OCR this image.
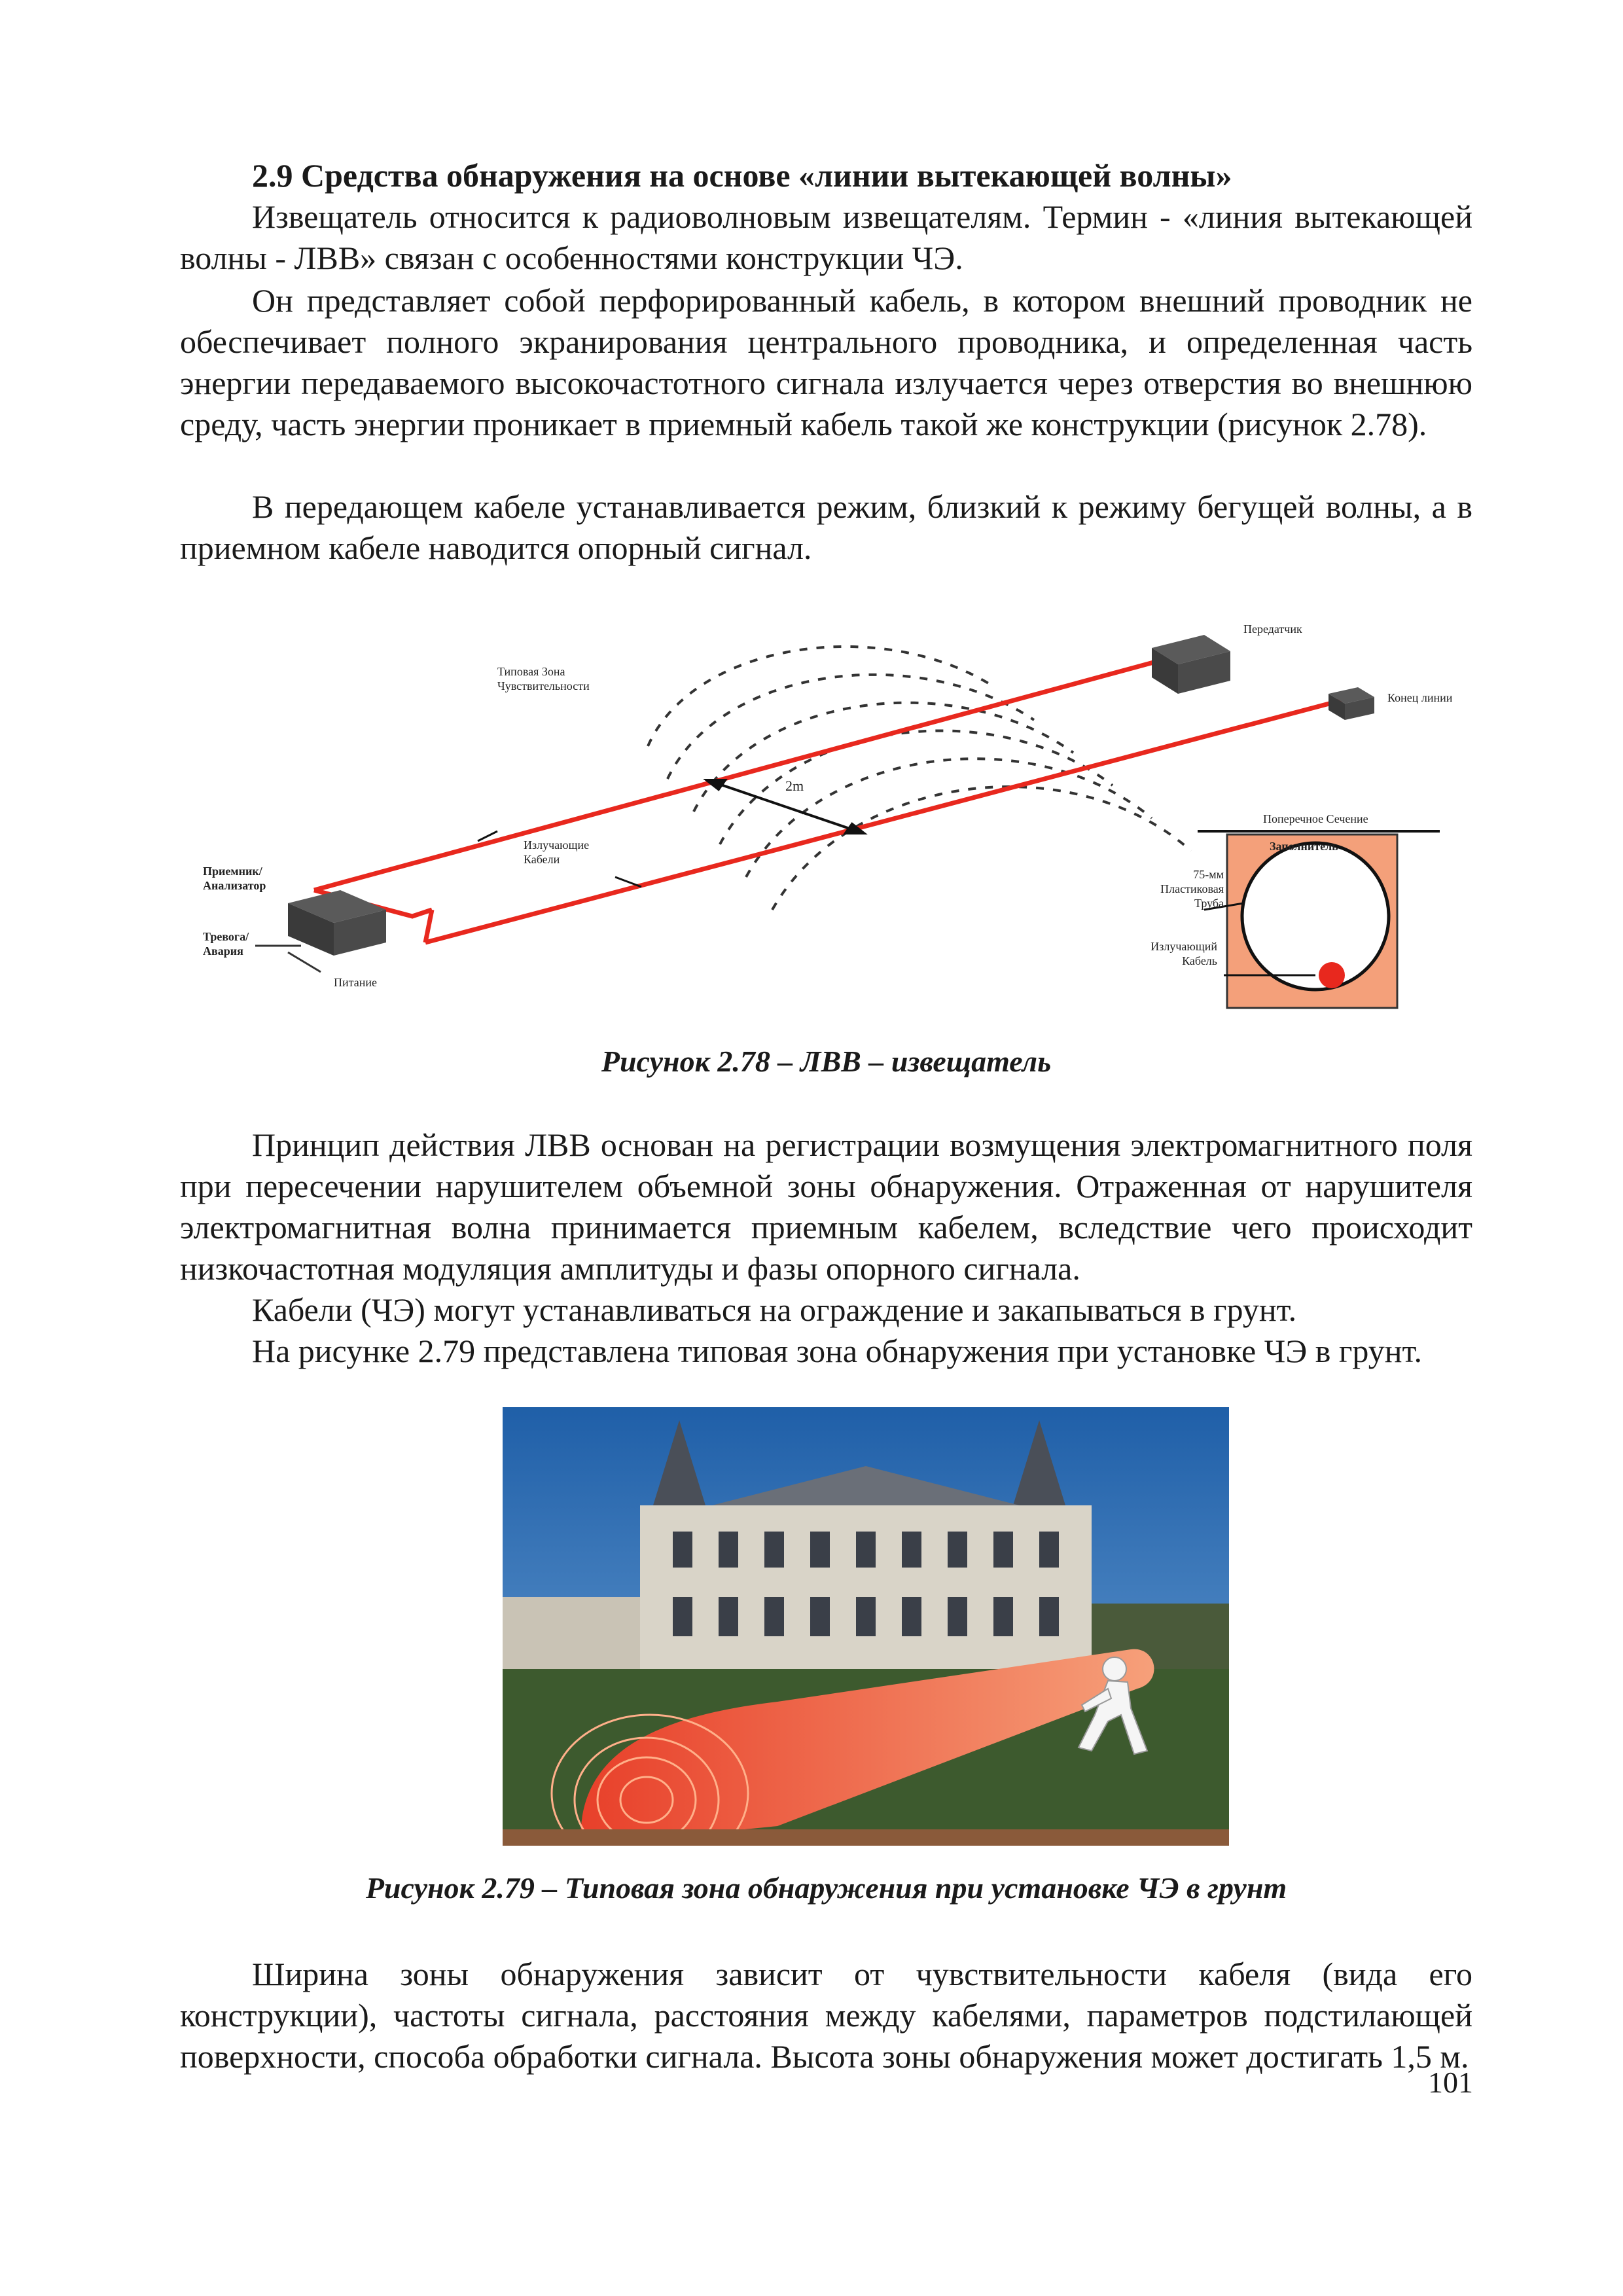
2.9 Средства обнаружения на основе «линии вытекающей волны»

Извещатель относится к радиоволновым извещателям. Термин - «линия вытекающей волны - ЛВВ» связан с особенностями конструкции ЧЭ.

Он представляет собой перфорированный кабель, в котором внешний проводник не обеспечивает полного экранирования центрального проводника, и определенная часть энергии передаваемого высокочастотного сигнала излучается через отверстия во внешнюю среду, часть энергии проникает в приемный кабель такой же конструкции (рисунок 2.78).

В передающем кабеле устанавливается режим, близкий к режиму бегущей волны, а в приемном кабеле наводится опорный сигнал.

Типовая Зона Чувствительности
Передатчик
Конец линии
2m
Излучающие Кабели
Приемник/ Анализатор
Тревога/ Авария
Питание
Поперечное Сечение
Заполнитель
75-мм Пластиковая Труба
Излучающий Кабель

Рисунок 2.78 – ЛВВ – извещатель

Принцип действия ЛВВ основан на регистрации возмущения электромагнитного поля при пересечении нарушителем объемной зоны обнаружения. Отраженная от нарушителя электромагнитная волна принимается приемным кабелем, вследствие чего происходит низкочастотная модуляция амплитуды и фазы опорного сигнала.

Кабели (ЧЭ) могут устанавливаться на ограждение и закапываться в грунт.

На рисунке 2.79 представлена типовая зона обнаружения при установке ЧЭ в грунт.

Рисунок 2.79 – Типовая зона обнаружения при установке ЧЭ в грунт

Ширина зоны обнаружения зависит от чувствительности кабеля (вида его конструкции), частоты сигнала, расстояния между кабелями, параметров подстилающей поверхности, способа обработки сигнала. Высота зоны обнаружения может достигать 1,5 м.

101
